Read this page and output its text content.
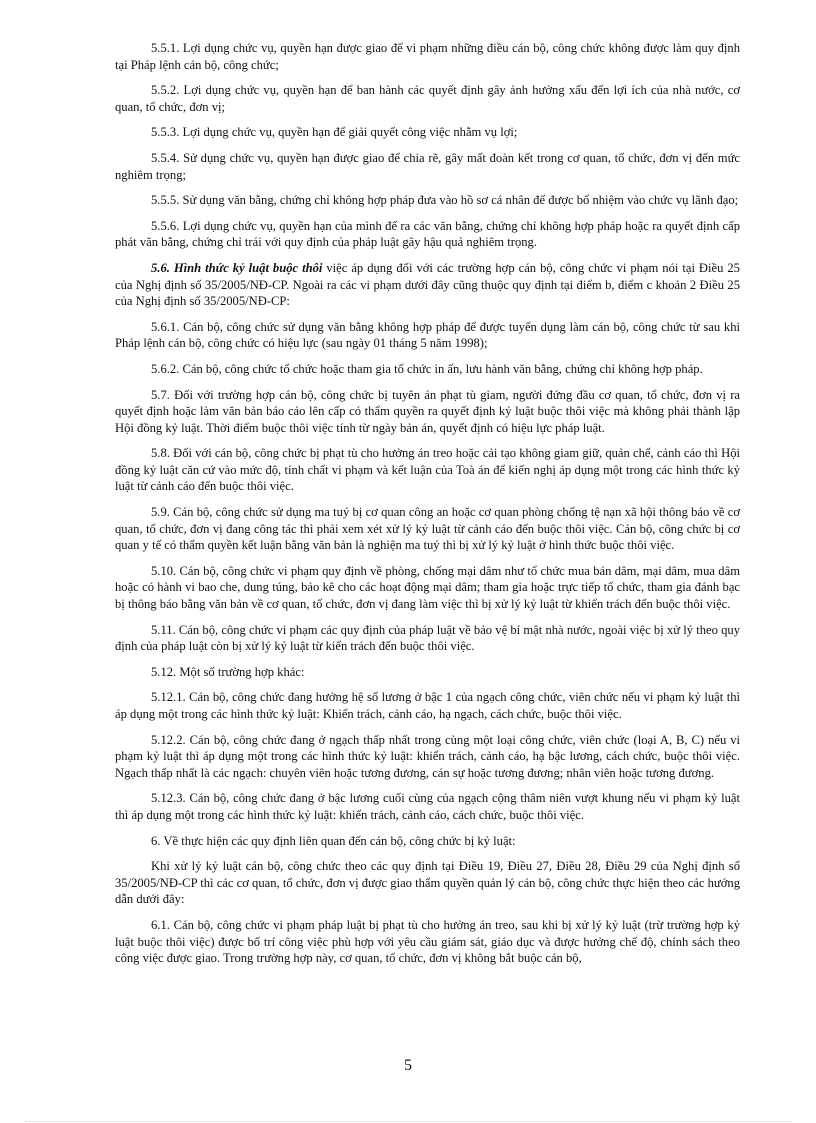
5.5.1. Lợi dụng chức vụ, quyền hạn được giao để vi phạm những điều cán bộ, công chức không được làm quy định tại Pháp lệnh cán bộ, công chức;

5.5.2. Lợi dụng chức vụ, quyền hạn để ban hành các quyết định gây ảnh hưởng xấu đến lợi ích của nhà nước, cơ quan, tổ chức, đơn vị;

5.5.3. Lợi dụng chức vụ, quyền hạn để giải quyết công việc nhằm vụ lợi;

5.5.4. Sử dụng chức vụ, quyền hạn được giao để chia rẽ, gây mất đoàn kết trong cơ quan, tổ chức, đơn vị đến mức nghiêm trọng;

5.5.5. Sử dụng văn bằng, chứng chỉ không hợp pháp đưa vào hồ sơ cá nhân để được bổ nhiệm vào chức vụ lãnh đạo;

5.5.6. Lợi dụng chức vụ, quyền hạn của mình để ra các văn bằng, chứng chỉ không hợp pháp hoặc ra quyết định cấp phát văn bằng, chứng chỉ trái với quy định của pháp luật gây hậu quả nghiêm trọng.

5.6. Hình thức kỷ luật buộc thôi việc áp dụng đối với các trường hợp cán bộ, công chức vi phạm nói tại Điều 25 của Nghị định số 35/2005/NĐ-CP. Ngoài ra các vi phạm dưới đây cũng thuộc quy định tại điểm b, điểm c khoản 2 Điều 25 của Nghị định số 35/2005/NĐ-CP:

5.6.1. Cán bộ, công chức sử dụng văn bằng không hợp pháp để được tuyển dụng làm cán bộ, công chức từ sau khi Pháp lệnh cán bộ, công chức có hiệu lực (sau ngày 01 tháng 5 năm 1998);

5.6.2. Cán bộ, công chức tổ chức hoặc tham gia tổ chức in ấn, lưu hành văn bằng, chứng chỉ không hợp pháp.

5.7. Đối với trường hợp cán bộ, công chức bị tuyên án phạt tù giam, người đứng đầu cơ quan, tổ chức, đơn vị ra quyết định hoặc làm văn bản báo cáo lên cấp có thẩm quyền ra quyết định kỷ luật buộc thôi việc mà không phải thành lập Hội đồng kỷ luật. Thời điểm buộc thôi việc tính từ ngày bản án, quyết định có hiệu lực pháp luật.

5.8. Đối với cán bộ, công chức bị phạt tù cho hưởng án treo hoặc cải tạo không giam giữ, quản chế, cảnh cáo thì Hội đồng kỷ luật căn cứ vào mức độ, tính chất vi phạm và kết luận của Toà án để kiến nghị áp dụng một trong các hình thức kỷ luật từ cảnh cáo đến buộc thôi việc.

5.9. Cán bộ, công chức sử dụng ma tuý bị cơ quan công an hoặc cơ quan phòng chống tệ nạn xã hội thông báo về cơ quan, tổ chức, đơn vị đang công tác thì phải xem xét xử lý kỷ luật từ cảnh cáo đến buộc thôi việc. Cán bộ, công chức bị cơ quan y tế có thẩm quyền kết luận bằng văn bản là nghiện ma tuý thì bị xử lý kỷ luật ở hình thức buộc thôi việc.

5.10. Cán bộ, công chức vi phạm quy định về phòng, chống mại dâm như tổ chức mua bán dâm, mại dâm, mua dâm hoặc có hành vi bao che, dung túng, bảo kê cho các hoạt động mại dâm; tham gia hoặc trực tiếp tổ chức, tham gia đánh bạc bị thông báo bằng văn bản về cơ quan, tổ chức, đơn vị đang làm việc thì bị xử lý kỷ luật từ khiển trách đến buộc thôi việc.

5.11. Cán bộ, công chức vi phạm các quy định của pháp luật về bảo vệ bí mật nhà nước, ngoài việc bị xử lý theo quy định của pháp luật còn bị xử lý kỷ luật từ kiển trách đến buộc thôi việc.

5.12. Một số trường hợp khác:

5.12.1. Cán bộ, công chức đang hưởng hệ số lương ở bậc 1 của ngạch công chức, viên chức nếu vi phạm kỷ luật thì áp dụng một trong các hình thức kỷ luật: Khiển trách, cảnh cáo, hạ ngạch, cách chức, buộc thôi việc.

5.12.2. Cán bộ, công chức đang ở ngạch thấp nhất trong cùng một loại công chức, viên chức (loại A, B, C) nếu vi phạm kỷ luật thì áp dụng một trong các hình thức kỷ luật: khiển trách, cảnh cáo, hạ bậc lương, cách chức, buộc thôi việc. Ngạch thấp nhất là các ngạch: chuyên viên hoặc tương đương, cán sự hoặc tương đương; nhân viên hoặc tương đương.

5.12.3. Cán bộ, công chức đang ở bậc lương cuối cùng của ngạch cộng thâm niên vượt khung nếu vi phạm kỷ luật thì áp dụng một trong các hình thức kỷ luật: khiển trách, cảnh cáo, cách chức, buộc thôi việc.

6. Về thực hiện các quy định liên quan đến cán bộ, công chức bị kỷ luật:

Khi xử lý kỷ luật cán bộ, công chức theo các quy định tại Điều 19, Điều 27, Điều 28, Điều 29 của Nghị định số 35/2005/NĐ-CP thì các cơ quan, tổ chức, đơn vị được giao thẩm quyền quản lý cán bộ, công chức thực hiện theo các hướng dẫn dưới đây:

6.1. Cán bộ, công chức vi phạm pháp luật bị phạt tù cho hưởng án treo, sau khi bị xử lý kỷ luật (trừ trường hợp kỷ luật buộc thôi việc) được bố trí công việc phù hợp với yêu cầu giám sát, giáo dục và được hưởng chế độ, chính sách theo công việc được giao. Trong trường hợp này, cơ quan, tổ chức, đơn vị không bắt buộc cán bộ,

5
